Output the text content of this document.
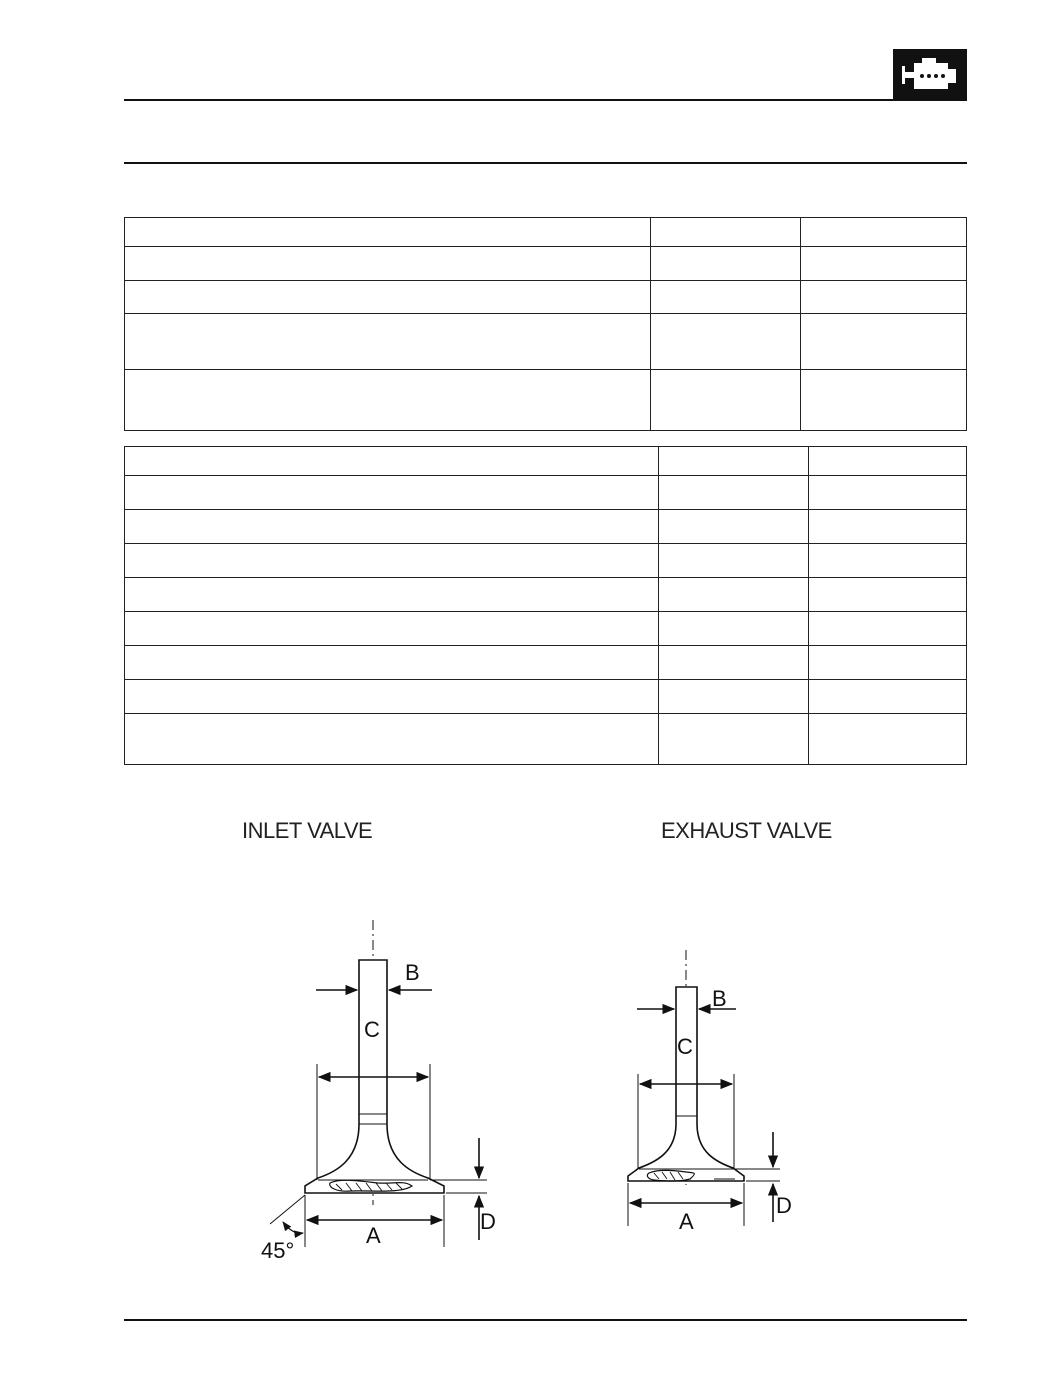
INLET VALVE	EXHAUST VALVE
B
C
A
D
45°
B
C
A
D
